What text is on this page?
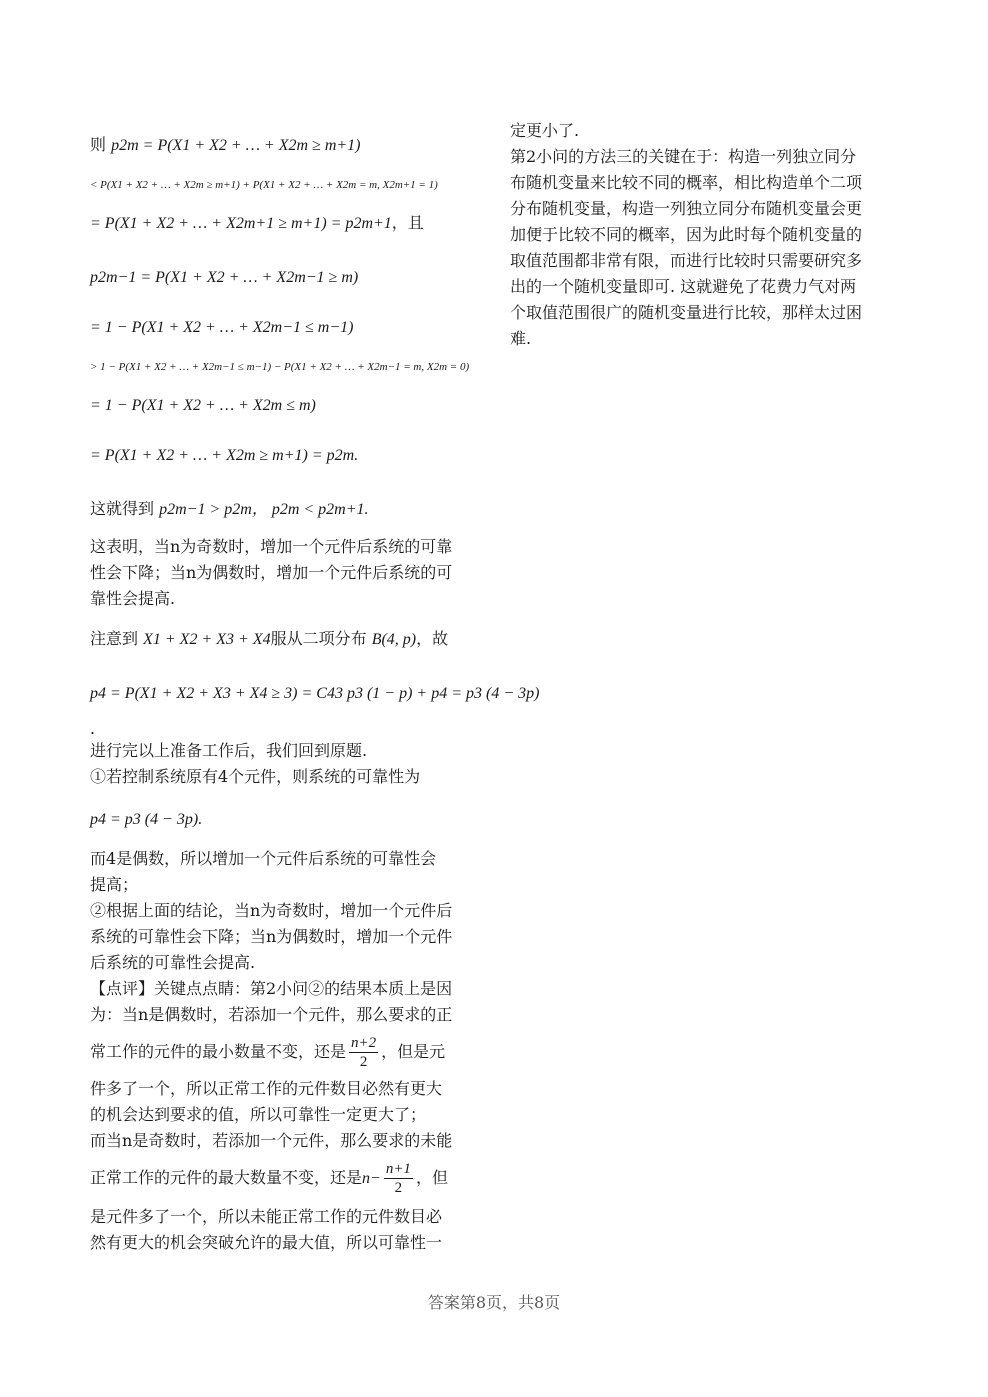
则 p2m = P(X1 + X2 + … + X2m ≥ m+1)
< P(X1 + X2 + … + X2m ≥ m+1) + P(X1 + X2 + … + X2m = m, X2m+1 = 1)
= P(X1 + X2 + … + X2m+1 ≥ m+1) = p2m+1，且
p2m−1 = P(X1 + X2 + … + X2m−1 ≥ m)
= 1 − P(X1 + X2 + … + X2m−1 ≤ m−1)
> 1 − P(X1 + X2 + … + X2m−1 ≤ m−1) − P(X1 + X2 + … + X2m−1 = m, X2m = 0)
= 1 − P(X1 + X2 + … + X2m ≤ m)
= P(X1 + X2 + … + X2m ≥ m+1) = p2m.
这就得到 p2m−1 > p2m， p2m < p2m+1.
这表明，当n为奇数时，增加一个元件后系统的可靠
性会下降；当n为偶数时，增加一个元件后系统的可
靠性会提高.
注意到 X1 + X2 + X3 + X4服从二项分布 B(4, p)，故
p4 = P(X1 + X2 + X3 + X4 ≥ 3) = C43 p3 (1 − p) + p4 = p3 (4 − 3p)
.
进行完以上准备工作后，我们回到原题.
①若控制系统原有4个元件，则系统的可靠性为
p4 = p3 (4 − 3p).
而4是偶数，所以增加一个元件后系统的可靠性会
提高；
②根据上面的结论，当n为奇数时，增加一个元件后
系统的可靠性会下降；当n为偶数时，增加一个元件
后系统的可靠性会提高.
【点评】关键点点睛：第2小问②的结果本质上是因
为：当n是偶数时，若添加一个元件，那么要求的正
常工作的元件的最小数量不变，还是 $\frac{n+2}{2}$ ，但是元
件多了一个，所以正常工作的元件数目必然有更大
的机会达到要求的值，所以可靠性一定更大了；
而当n是奇数时，若添加一个元件，那么要求的未能
正常工作的元件的最大数量不变，还是$n- \frac{n+1}{2}$ ，但
是元件多了一个，所以未能正常工作的元件数目必
然有更大的机会突破允许的最大值，所以可靠性一
定更小了.
第2小问的方法三的关键在于：构造一列独立同分
布随机变量来比较不同的概率，相比构造单个二项
分布随机变量，构造一列独立同分布随机变量会更
加便于比较不同的概率，因为此时每个随机变量的
取值范围都非常有限，而进行比较时只需要研究多
出的一个随机变量即可. 这就避免了花费力气对两
个取值范围很广的随机变量进行比较，那样太过困
难.
答案第8页，共8页
